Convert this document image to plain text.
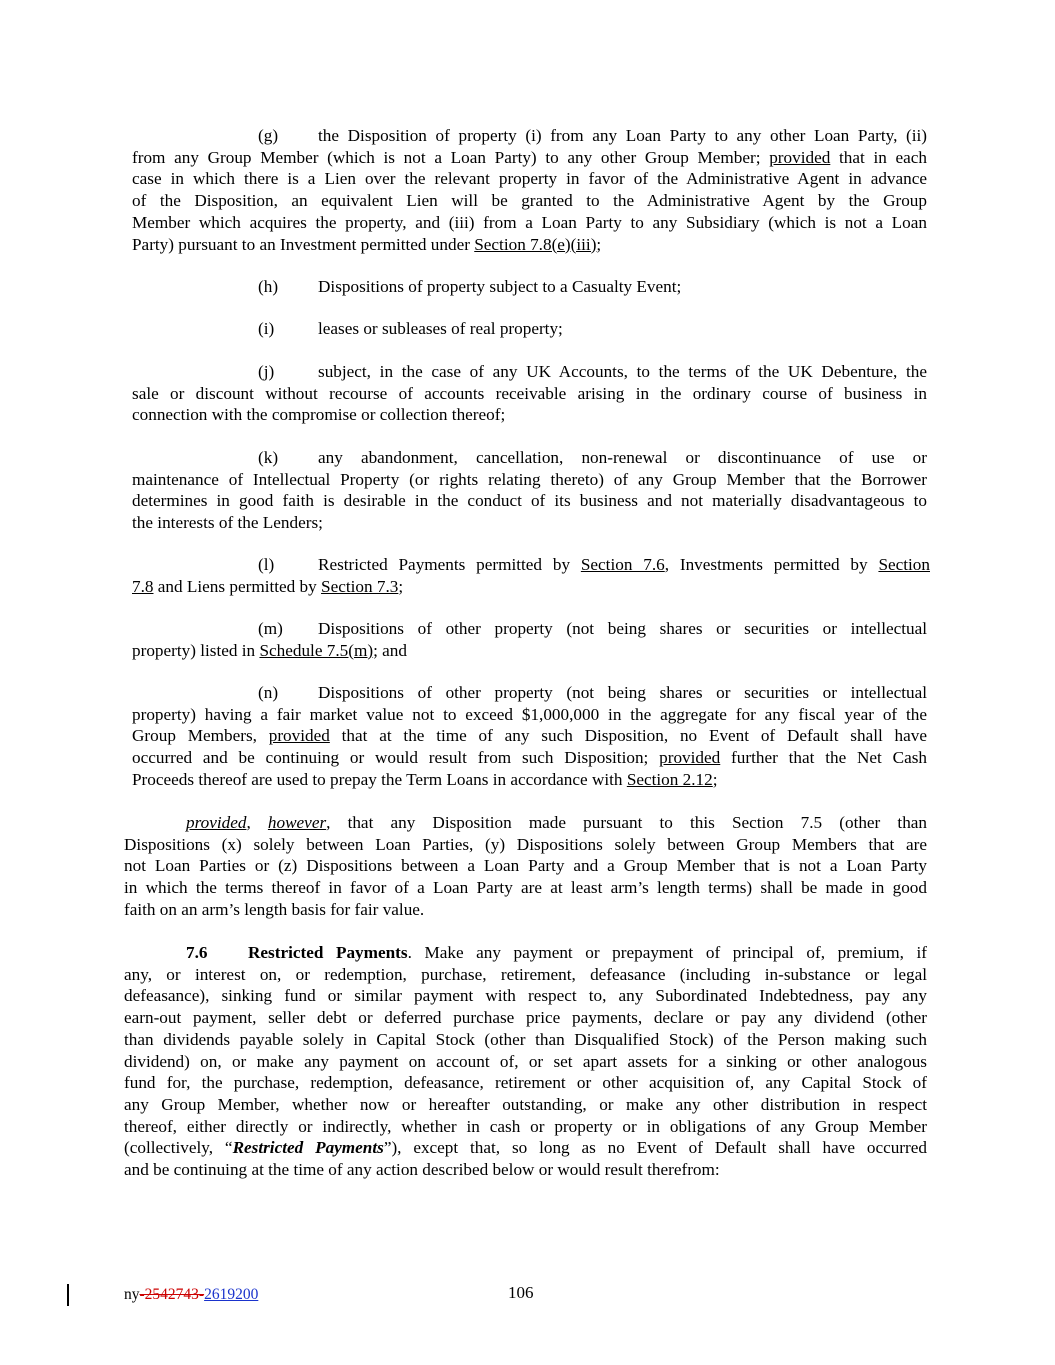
(g) the Disposition of property (i) from any Loan Party to any other Loan Party, (ii)

from any Group Member (which is not a Loan Party) to any other Group Member; provided that in each

case in which there is a Lien over the relevant property in favor of the Administrative Agent in advance

of the Disposition, an equivalent Lien will be granted to the Administrative Agent by the Group

Member which acquires the property, and (iii) from a Loan Party to any Subsidiary (which is not a Loan

Party) pursuant to an Investment permitted under Section 7.8(e)(iii);

(h) Dispositions of property subject to a Casualty Event;

(i)	leases or subleases of real property;

(j)	subject, in the case of any UK Accounts, to the terms of the UK Debenture, the

sale or discount without recourse of accounts receivable arising in the ordinary course of business in

connection with the compromise or collection thereof;

(k) any abandonment, cancellation, non-renewal or discontinuance of use or

maintenance of Intellectual Property (or rights relating thereto) of any Group Member that the Borrower

determines in good faith is desirable in the conduct of its business and not materially disadvantageous to

the interests of the Lenders;

(l)	Restricted Payments permitted by Section 7.6, Investments permitted by Section

7.8 and Liens permitted by Section 7.3;

(m) Dispositions of other property (not being shares or securities or intellectual

property) listed in Schedule 7.5(m); and

(n) Dispositions of other property (not being shares or securities or intellectual

property) having a fair market value not to exceed $1,000,000 in the aggregate for any fiscal year of the

Group Members, provided that at the time of any such Disposition, no Event of Default shall have

occurred and be continuing or would result from such Disposition; provided further that the Net Cash

Proceeds thereof are used to prepay the Term Loans in accordance with Section 2.12;

provided, however, that any Disposition made pursuant to this Section 7.5 (other than

Dispositions (x) solely between Loan Parties, (y) Dispositions solely between Group Members that are

not Loan Parties or (z) Dispositions between a Loan Party and a Group Member that is not a Loan Party

in which the terms thereof in favor of a Loan Party are at least arm’s length terms) shall be made in good

faith on an arm’s length basis for fair value.

7.6 Restricted Payments. Make any payment or prepayment of principal of, premium, if

any, or interest on, or redemption, purchase, retirement, defeasance (including in-substance or legal

defeasance), sinking fund or similar payment with respect to, any Subordinated Indebtedness, pay any

earn-out payment, seller debt or deferred purchase price payments, declare or pay any dividend (other

than dividends payable solely in Capital Stock (other than Disqualified Stock) of the Person making such

dividend) on, or make any payment on account of, or set apart assets for a sinking or other analogous

fund for, the purchase, redemption, defeasance, retirement or other acquisition of, any Capital Stock of

any Group Member, whether now or hereafter outstanding, or make any other distribution in respect

thereof, either directly or indirectly, whether in cash or property or in obligations of any Group Member

(collectively, “Restricted Payments”), except that, so long as no Event of Default shall have occurred

and be continuing at the time of any action described below or would result therefrom:

ny-2542743-2619200	106
